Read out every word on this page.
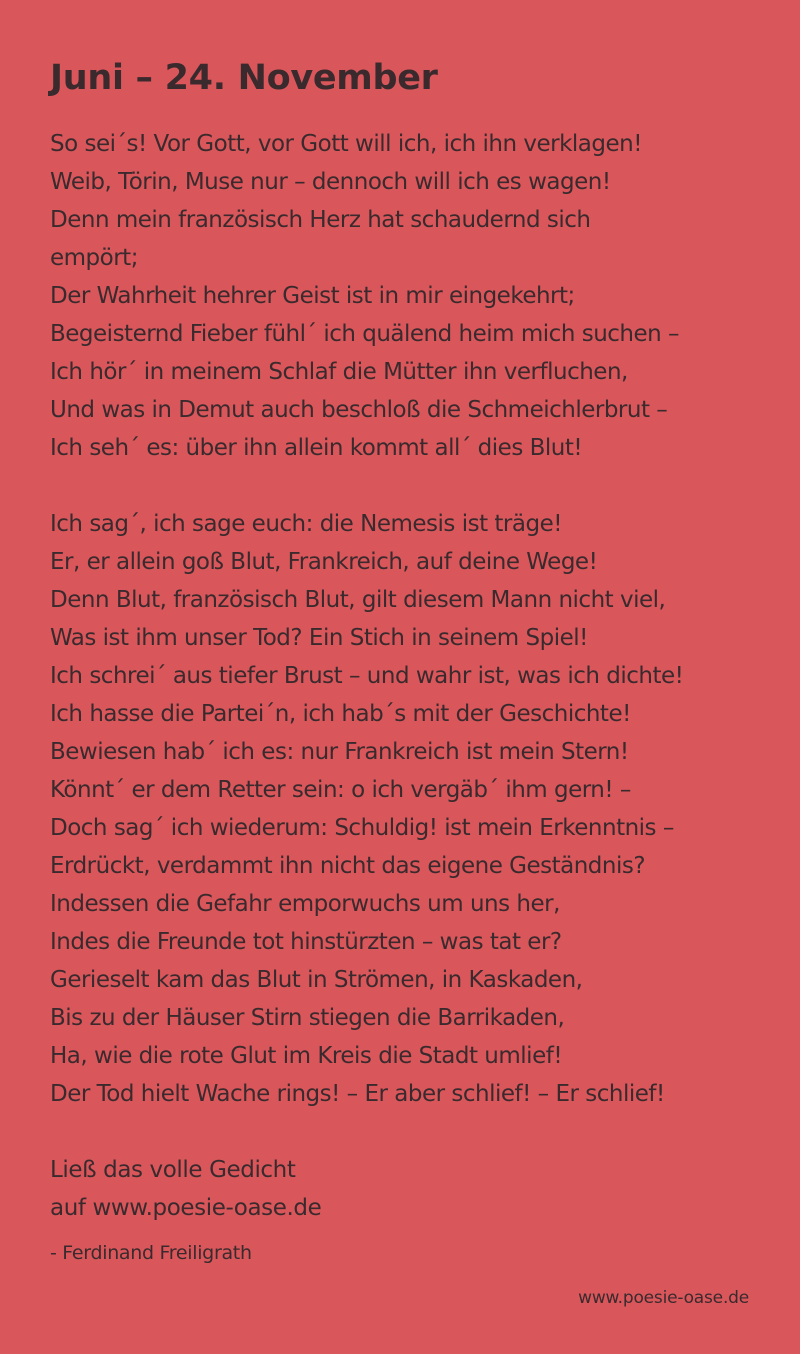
Juni – 24. November
So sei´s! Vor Gott, vor Gott will ich, ich ihn verklagen!
Weib, Törin, Muse nur – dennoch will ich es wagen!
Denn mein französisch Herz hat schaudernd sich
empört;
Der Wahrheit hehrer Geist ist in mir eingekehrt;
Begeisternd Fieber fühl´ ich quälend heim mich suchen –
Ich hör´ in meinem Schlaf die Mütter ihn verfluchen,
Und was in Demut auch beschloß die Schmeichlerbrut –
Ich seh´ es: über ihn allein kommt all´ dies Blut!
Ich sag´, ich sage euch: die Nemesis ist träge!
Er, er allein goß Blut, Frankreich, auf deine Wege!
Denn Blut, französisch Blut, gilt diesem Mann nicht viel,
Was ist ihm unser Tod? Ein Stich in seinem Spiel!
Ich schrei´ aus tiefer Brust – und wahr ist, was ich dichte!
Ich hasse die Partei´n, ich hab´s mit der Geschichte!
Bewiesen hab´ ich es: nur Frankreich ist mein Stern!
Könnt´ er dem Retter sein: o ich vergäb´ ihm gern! –
Doch sag´ ich wiederum: Schuldig! ist mein Erkenntnis –
Erdrückt, verdammt ihn nicht das eigene Geständnis?
Indessen die Gefahr emporwuchs um uns her,
Indes die Freunde tot hinstürzten – was tat er?
Gerieselt kam das Blut in Strömen, in Kaskaden,
Bis zu der Häuser Stirn stiegen die Barrikaden,
Ha, wie die rote Glut im Kreis die Stadt umlief!
Der Tod hielt Wache rings! – Er aber schlief! – Er schlief!
Ließ das volle Gedicht
auf www.poesie-oase.de
- Ferdinand Freiligrath
www.poesie-oase.de
